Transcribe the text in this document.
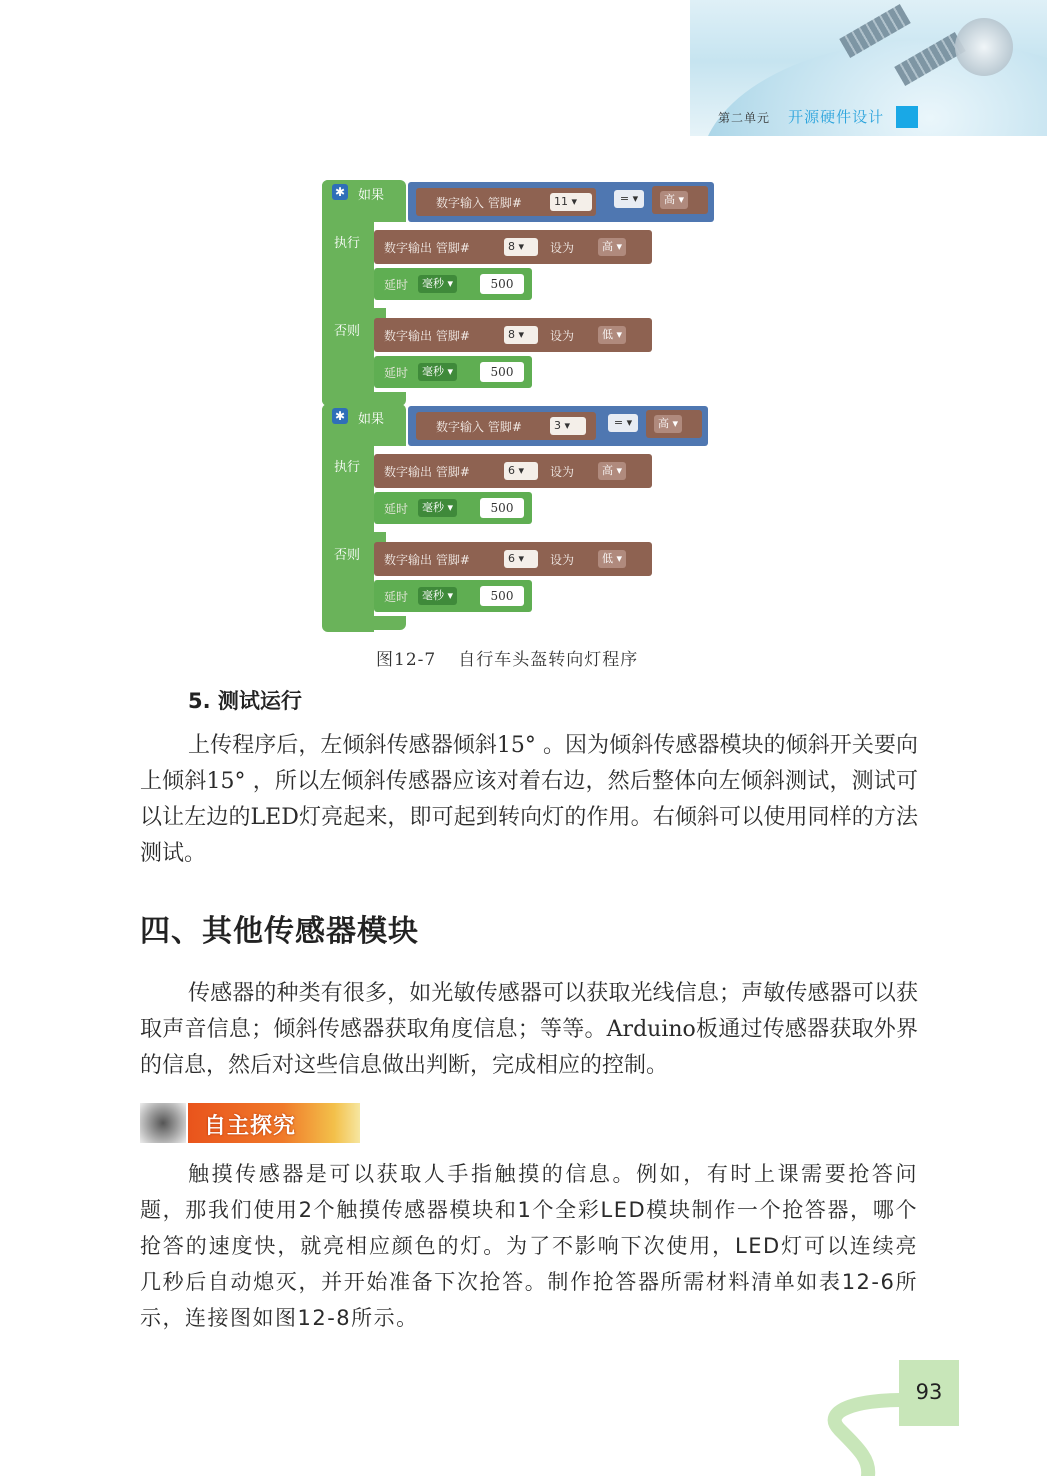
第二单元 开源硬件设计
✱ 如果
执行
否则
数字输入 管脚#	11 ▾	= ▾	高 ▾
数字输出 管脚#	8 ▾	设为	高 ▾
延时	毫秒 ▾	500
数字输出 管脚#	8 ▾	设为	低 ▾
延时	毫秒 ▾	500
✱ 如果
执行
否则
数字输入 管脚#	3 ▾	= ▾	高 ▾
数字输出 管脚#	6 ▾	设为	高 ▾
延时	毫秒 ▾	500
数字输出 管脚#	6 ▾	设为	低 ▾
延时	毫秒 ▾	500
图12-7 自行车头盔转向灯程序
5. 测试运行
上传程序后，左倾斜传感器倾斜15° 。因为倾斜传感器模块的倾斜开关要向上倾斜15° ，所以左倾斜传感器应该对着右边，然后整体向左倾斜测试，测试可以让左边的LED灯亮起来，即可起到转向灯的作用。右倾斜可以使用同样的方法测试。
四、其他传感器模块
传感器的种类有很多，如光敏传感器可以获取光线信息；声敏传感器可以获取声音信息；倾斜传感器获取角度信息；等等。Arduino板通过传感器获取外界的信息，然后对这些信息做出判断，完成相应的控制。
自主探究
触摸传感器是可以获取人手指触摸的信息。例如，有时上课需要抢答问题，那我们使用2个触摸传感器模块和1个全彩LED模块制作一个抢答器，哪个抢答的速度快，就亮相应颜色的灯。为了不影响下次使用，LED灯可以连续亮几秒后自动熄灭，并开始准备下次抢答。制作抢答器所需材料清单如表12-6所示，连接图如图12-8所示。
93
